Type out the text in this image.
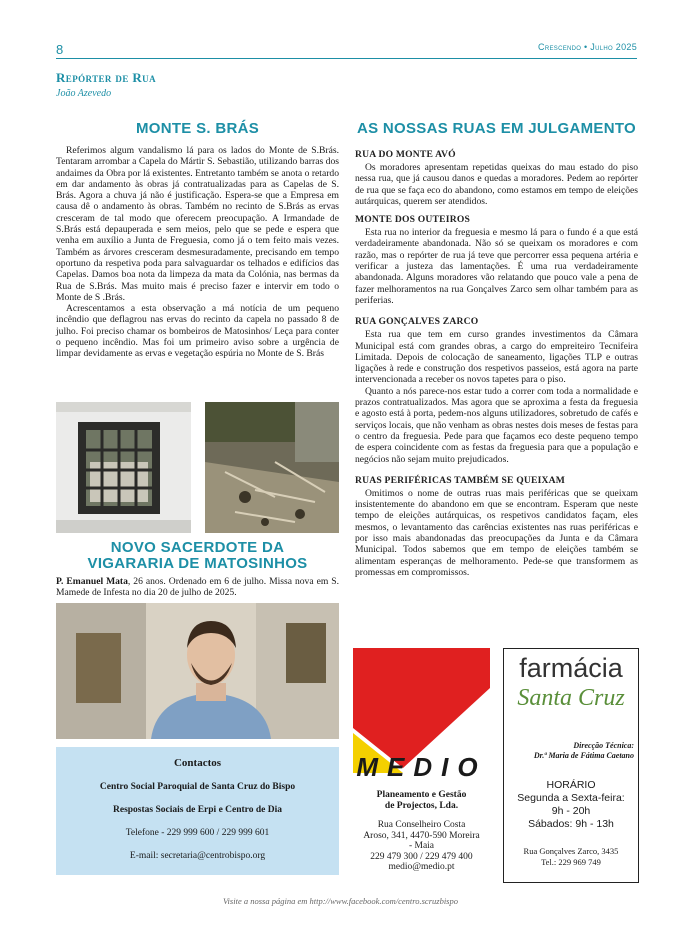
8	Crescendo • Julho 2025
Repórter de Rua
João Azevedo
MONTE S. BRÁS

Referimos algum vandalismo lá para os lados do Monte de S.Brás. Tentaram arrombar a Capela do Mártir S. Sebastião, utilizando barras dos andaimes da Obra por lá existentes. Entretanto também se anota o retardo em dar andamento às obras já contratualizadas para as Capelas de S. Brás. Agora a chuva já não é justificação. Espera-se que a Empresa em causa dê o andamento às obras. Também no recinto de S.Brás as ervas cresceram de tal modo que oferecem preocupação. A Irmandade de S.Brás está depauperada e sem meios, pelo que se pede e espera que venha em auxílio a Junta de Freguesia, como já o tem feito mais vezes. Também as árvores cresceram desmesuradamente, precisando em tempo oportuno da respetiva poda para salvaguardar os telhados e edifícios das Capelas. Damos boa nota da limpeza da mata da Colónia, nas bermas da Rua de S.Brás. Mas muito mais é preciso fazer e intervir em todo o Monte de S .Brás.

Acrescentamos a esta observação a má notícia de um pequeno incêndio que deflagrou nas ervas do recinto da capela no passado 8 de julho. Foi preciso chamar os bombeiros de Matosinhos/ Leça para conter o pequeno incêndio. Mas foi um primeiro aviso sobre a urgência de limpar devidamente as ervas e vegetação espúria no Monte de S. Brás

NOVO SACERDOTE DA
VIGARARIA DE MATOSINHOS
P. Emanuel Mata, 26 anos. Ordenado em 6 de julho. Missa nova em S. Mamede de Infesta no dia 20 de julho de 2025.
Contactos
Centro Social Paroquial de Santa Cruz do Bispo
Respostas Sociais de Erpi e Centro de Dia
Telefone - 229 999 600 / 229 999 601
E-mail: secretaria@centrobispo.org
AS NOSSAS RUAS EM JULGAMENTO
RUA DO MONTE AVÓ

Os moradores apresentam repetidas queixas do mau estado do piso nessa rua, que já causou danos e quedas a moradores. Pedem ao repórter de rua que se faça eco do abandono, como estamos em tempo de eleições autárquicas, querem ser atendidos.

MONTE DOS OUTEIROS

Esta rua no interior da freguesia e mesmo lá para o fundo é a que está verdadeiramente abandonada. Não só se queixam os moradores e com razão, mas o repórter de rua já teve que percorrer essa pequena artéria e verificar a justeza das lamentações. É uma rua verdadeiramente abandonada. Alguns moradores vão relatando que pouco vale a pena de fazer melhoramentos na rua Gonçalves Zarco sem olhar também para as periferias.

RUA GONÇALVES ZARCO

Esta rua que tem em curso grandes investimentos da Câmara Municipal está com grandes obras, a cargo do empreiteiro Tecnifeira Limitada. Depois de colocação de saneamento, ligações TLP e outras ligações à rede e construção dos respetivos passeios, está agora na parte intervencionada a receber os novos tapetes para o piso.

Quanto a nós parece-nos estar tudo a correr com toda a normalidade e prazos contratualizados. Mas agora que se aproxima a festa da freguesia e agosto está à porta, pedem-nos alguns utilizadores, sobretudo de cafés e serviços locais, que não venham as obras nestes dois meses de festas para o centro da freguesia. Pede para que façamos eco deste pequeno tempo de espera coincidente com as festas da freguesia para que a população e negócios não sejam muito prejudicados.

RUAS PERIFÉRICAS TAMBÉM SE QUEIXAM

Omitimos o nome de outras ruas mais periféricas que se queixam insistentemente do abandono em que se encontram. Esperam que neste tempo de eleições autárquicas, os respetivos candidatos façam, eles mesmos, o levantamento das carências existentes nas ruas periféricas e por isso mais abandonadas das preocupações da Junta e da Câmara Municipal. Todos sabemos que em tempo de eleições também se alimentam esperanças de melhoramento. Pede-se que transformem as promessas em compromissos.

MEDIO
Planeamento e Gestão
de Projectos, Lda.
Rua Conselheiro Costa
Aroso, 341, 4470-590 Moreira
- Maia
229 479 300 / 229 479 400
medio@medio.pt
farmácia
Santa Cruz
Direcção Técnica:
Dr.ª Maria de Fátima Caetano
HORÁRIO
Segunda a Sexta-feira:
9h - 20h
Sábados: 9h - 13h
Rua Gonçalves Zarco, 3435
Tel.: 229 969 749
Visite a nossa página em http://www.facebook.com/centro.scruzbispo
